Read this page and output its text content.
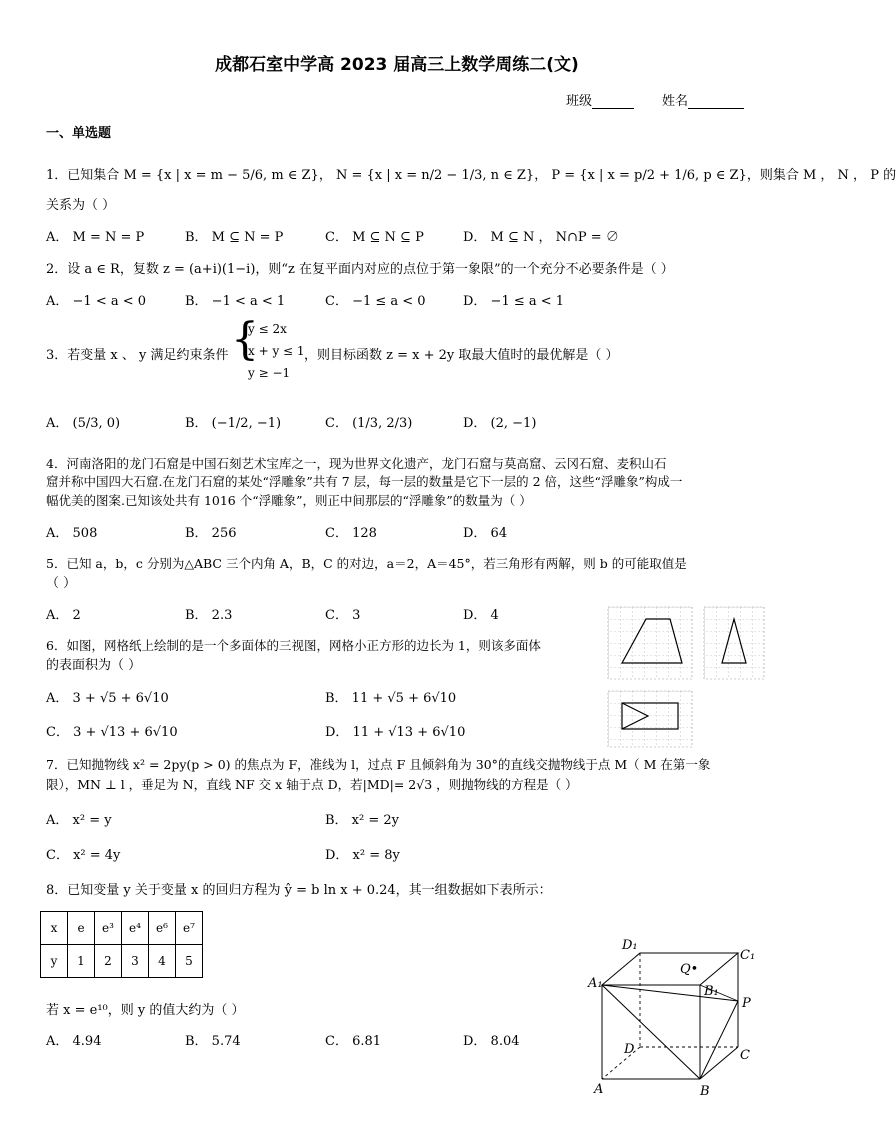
成都石室中学高 2023 届高三上数学周练二(文)
班级	姓名
一、单选题
1．已知集合 M = {x | x = m − 5/6, m ∈ Z}， N = {x | x = n/2 − 1/3, n ∈ Z}， P = {x | x = p/2 + 1/6, p ∈ Z}，则集合 M ， N ， P 的
关系为（ ）
A． M = N = P	B． M ⊆ N = P	C． M ⊆ N ⊆ P	D． M ⊆ N ， N∩P = ∅
2．设 a ∈ R，复数 z = (a+i)(1−i)，则“z 在复平面内对应的点位于第一象限”的一个充分不必要条件是（ ）
A． −1 < a < 0	B． −1 < a < 1	C． −1 ≤ a < 0	D． −1 ≤ a < 1
3．若变量 x 、 y 满足约束条件 {
y ≤ 2x
x + y ≤ 1
y ≥ −1
，则目标函数 z = x + 2y 取最大值时的最优解是（ ）
A． (5/3, 0)	B． (−1/2, −1)	C． (1/3, 2/3)	D． (2, −1)
4．河南洛阳的龙门石窟是中国石刻艺术宝库之一，现为世界文化遗产，龙门石窟与莫高窟、云冈石窟、麦积山石
窟并称中国四大石窟.在龙门石窟的某处“浮雕象”共有 7 层，每一层的数量是它下一层的 2 倍，这些“浮雕象”构成一
幅优美的图案.已知该处共有 1016 个“浮雕象”，则正中间那层的“浮雕象”的数量为（ ）
A． 508	B． 256	C． 128	D． 64
5．已知 a，b，c 分别为△ABC 三个内角 A，B，C 的对边，a＝2，A＝45°，若三角形有两解，则 b 的可能取值是
（ ）
A． 2	B． 2.3	C． 3	D． 4
6．如图，网格纸上绘制的是一个多面体的三视图，网格小正方形的边长为 1，则该多面体
的表面积为（ ）
A． 3 + √5 + 6√10	B． 11 + √5 + 6√10
C． 3 + √13 + 6√10	D． 11 + √13 + 6√10
7．已知抛物线 x² = 2py(p > 0) 的焦点为 F，准线为 l，过点 F 且倾斜角为 30°的直线交抛物线于点 M（ M 在第一象
限），MN ⊥ l ，垂足为 N，直线 NF 交 x 轴于点 D，若|MD|= 2√3 ，则抛物线的方程是（ ）
A． x² = y	B． x² = 2y
C． x² = 4y	D． x² = 8y
8．已知变量 y 关于变量 x 的回归方程为 ŷ = b ln x + 0.24，其一组数据如下表所示：
x	e	e³	e⁴	e⁶	e⁷
y	1	2	3	4	5
若 x = e¹⁰，则 y 的值大约为（ ）
A． 4.94	B． 5.74	C． 6.81	D． 8.04
D₁
C₁
A₁
B₁
Q•
P
D	C
A	B
